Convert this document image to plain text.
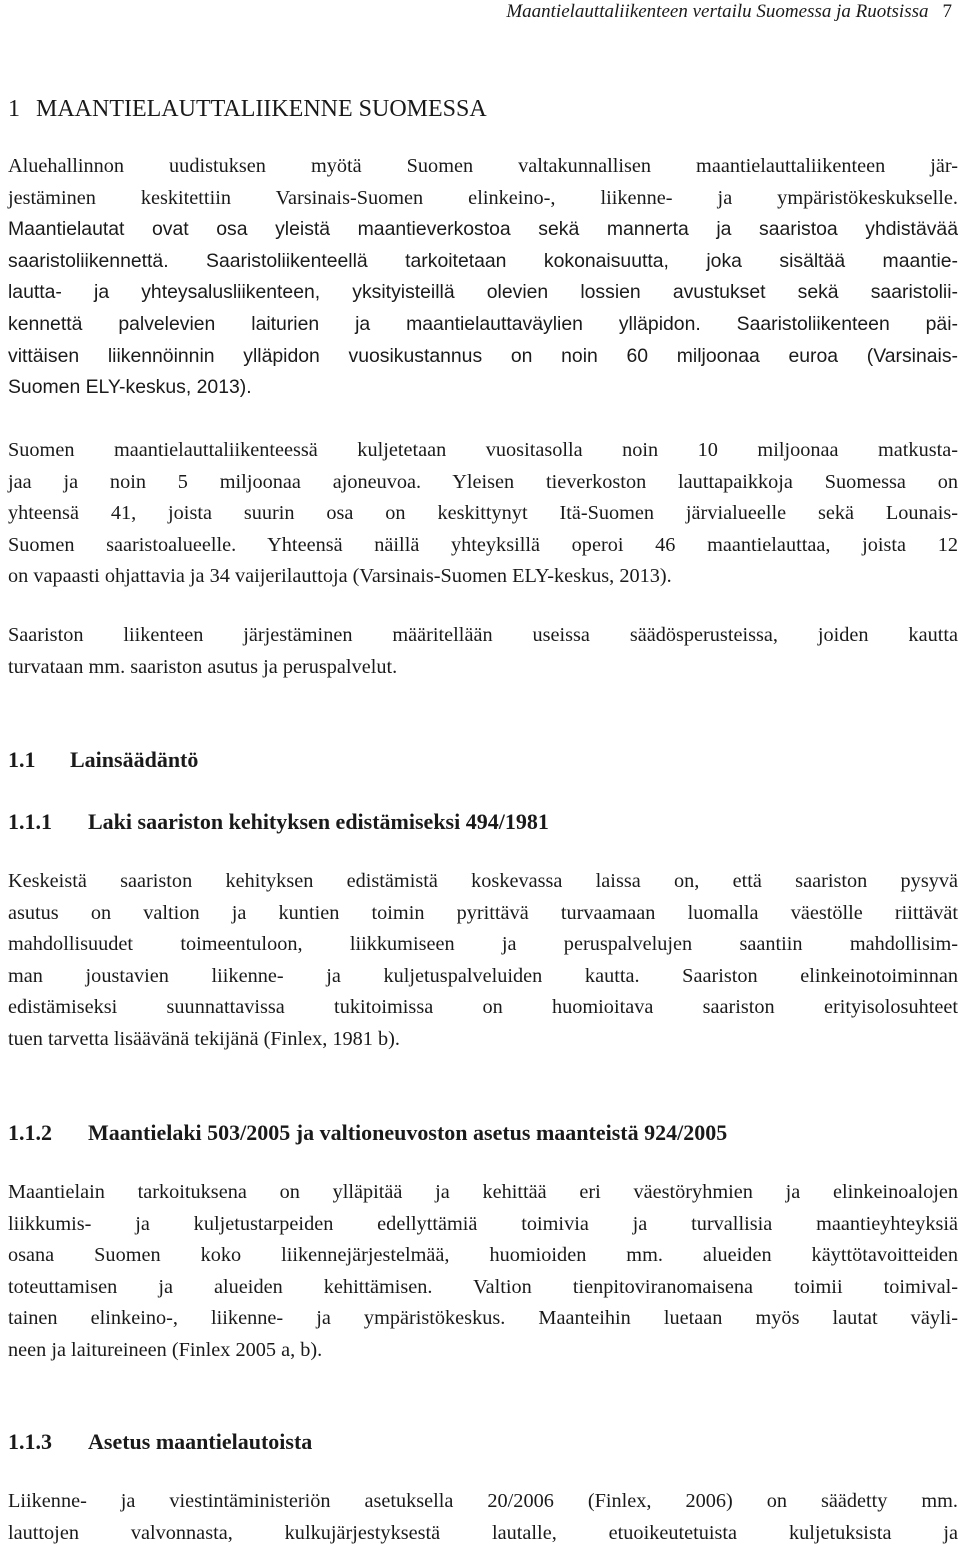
Maantielauttaliikenteen vertailu Suomessa ja Ruotsissa 7
1 MAANTIELAUTTALIIKENNE SUOMESSA
Aluehallinnon uudistuksen myötä Suomen valtakunnallisen maantielauttaliikenteen jär-
jestäminen keskitettiin Varsinais-Suomen elinkeino-, liikenne- ja ympäristökeskukselle.
Maantielautat ovat osa yleistä maantieverkostoa sekä mannerta ja saaristoa yhdistävää
saaristoliikennettä. Saaristoliikenteellä tarkoitetaan kokonaisuutta, joka sisältää maantie-
lautta- ja yhteysalusliikenteen, yksityisteillä olevien lossien avustukset sekä saaristolii-
kennettä palvelevien laiturien ja maantielauttaväylien ylläpidon. Saaristoliikenteen päi-
vittäisen liikennöinnin ylläpidon vuosikustannus on noin 60 miljoonaa euroa (Varsinais-
Suomen ELY-keskus, 2013).
Suomen maantielauttaliikenteessä kuljetetaan vuositasolla noin 10 miljoonaa matkusta-
jaa ja noin 5 miljoonaa ajoneuvoa. Yleisen tieverkoston lauttapaikkoja Suomessa on
yhteensä 41, joista suurin osa on keskittynyt Itä-Suomen järvialueelle sekä Lounais-
Suomen saaristoalueelle. Yhteensä näillä yhteyksillä operoi 46 maantielauttaa, joista 12
on vapaasti ohjattavia ja 34 vaijerilauttoja (Varsinais-Suomen ELY-keskus, 2013).
Saariston liikenteen järjestäminen määritellään useissa säädösperusteissa, joiden kautta
turvataan mm. saariston asutus ja peruspalvelut.
1.1 Lainsäädäntö
1.1.1 Laki saariston kehityksen edistämiseksi 494/1981
Keskeistä saariston kehityksen edistämistä koskevassa laissa on, että saariston pysyvä
asutus on valtion ja kuntien toimin pyrittävä turvaamaan luomalla väestölle riittävät
mahdollisuudet toimeentuloon, liikkumiseen ja peruspalvelujen saantiin mahdollisim-
man joustavien liikenne- ja kuljetuspalveluiden kautta. Saariston elinkeinotoiminnan
edistämiseksi suunnattavissa tukitoimissa on huomioitava saariston erityisolosuhteet
tuen tarvetta lisäävänä tekijänä (Finlex, 1981 b).
1.1.2 Maantielaki 503/2005 ja valtioneuvoston asetus maanteistä 924/2005
Maantielain tarkoituksena on ylläpitää ja kehittää eri väestöryhmien ja elinkeinoalojen
liikkumis- ja kuljetustarpeiden edellyttämiä toimivia ja turvallisia maantieyhteyksiä
osana Suomen koko liikennejärjestelmää, huomioiden mm. alueiden käyttötavoitteiden
toteuttamisen ja alueiden kehittämisen. Valtion tienpitoviranomaisena toimii toimival-
tainen elinkeino-, liikenne- ja ympäristökeskus. Maanteihin luetaan myös lautat väyli-
neen ja laitureineen (Finlex 2005 a, b).
1.1.3 Asetus maantielautoista
Liikenne- ja viestintäministeriön asetuksella 20/2006 (Finlex, 2006) on säädetty mm.
lauttojen valvonnasta, kulkujärjestyksestä lautalle, etuoikeutetuista kuljetuksista ja
